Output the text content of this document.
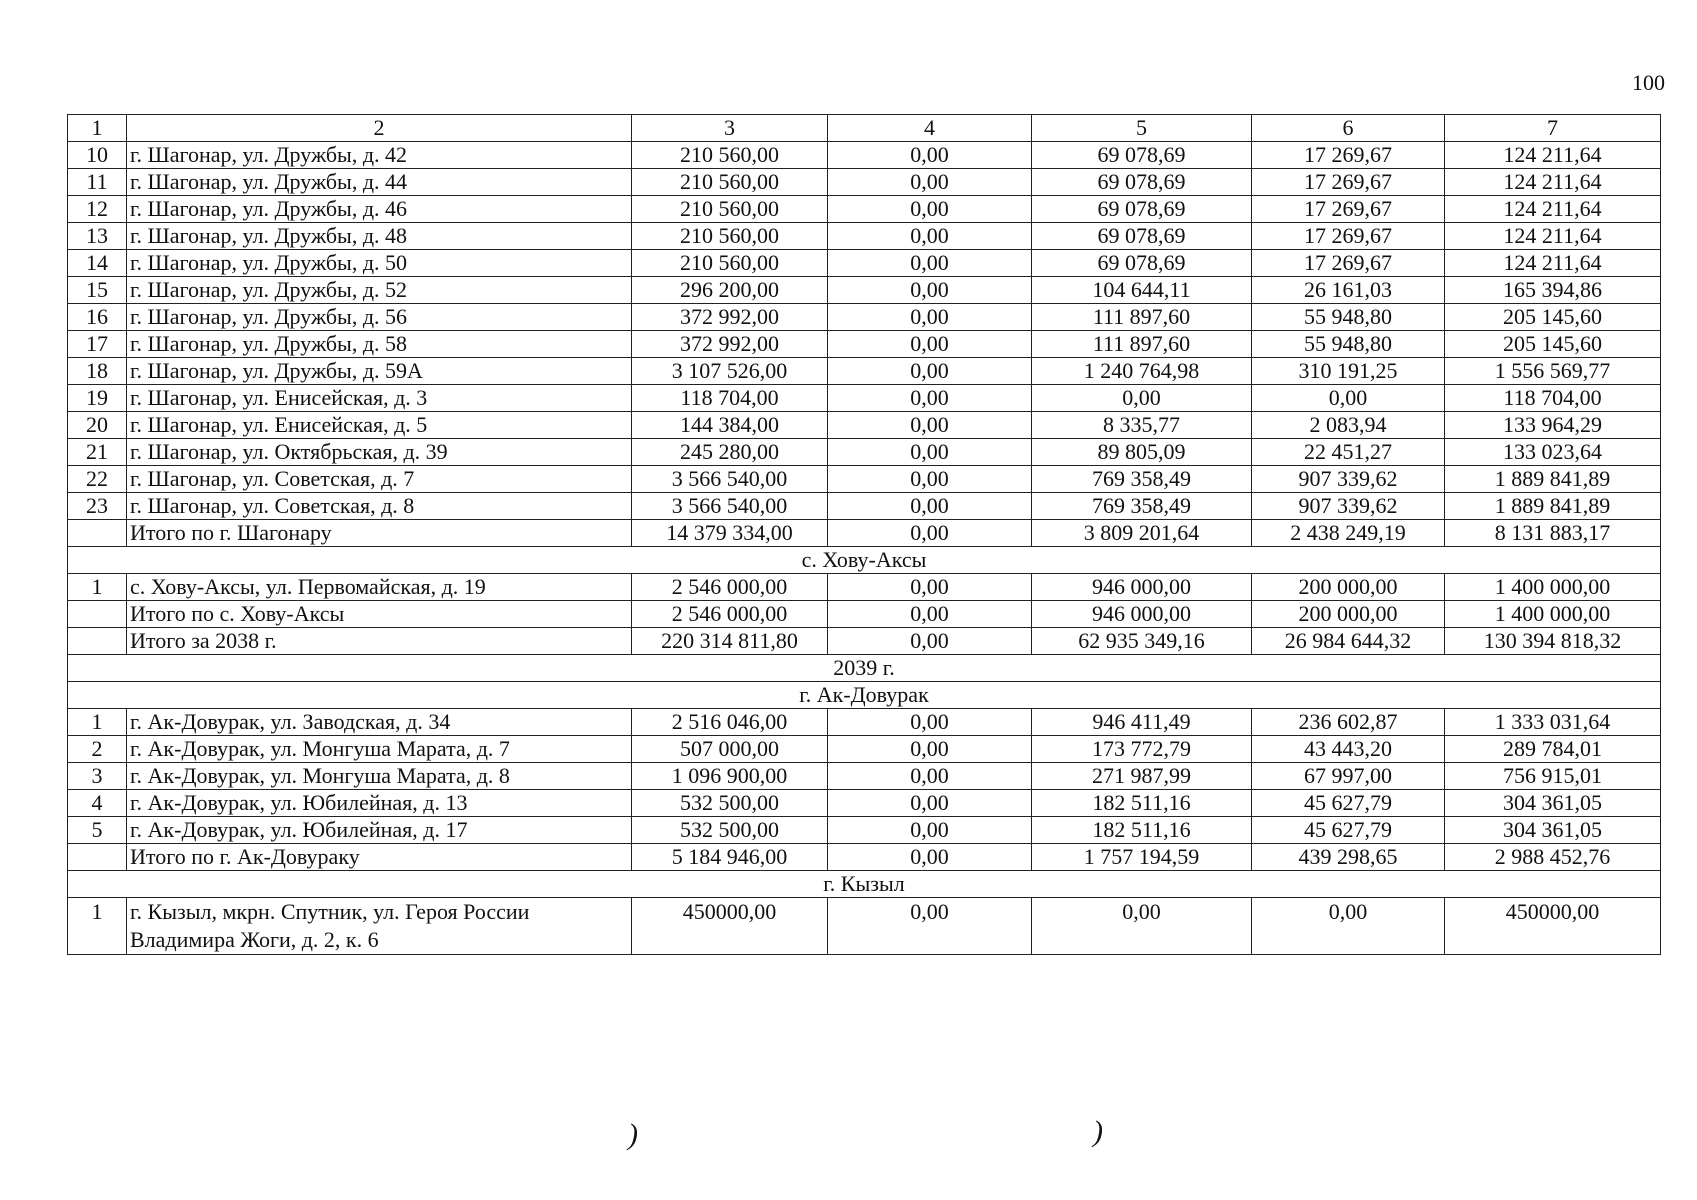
100
1	2	3	4	5	6	7
10	г. Шагонар, ул. Дружбы, д. 42	210 560,00	0,00	69 078,69	17 269,67	124 211,64
11	г. Шагонар, ул. Дружбы, д. 44	210 560,00	0,00	69 078,69	17 269,67	124 211,64
12	г. Шагонар, ул. Дружбы, д. 46	210 560,00	0,00	69 078,69	17 269,67	124 211,64
13	г. Шагонар, ул. Дружбы, д. 48	210 560,00	0,00	69 078,69	17 269,67	124 211,64
14	г. Шагонар, ул. Дружбы, д. 50	210 560,00	0,00	69 078,69	17 269,67	124 211,64
15	г. Шагонар, ул. Дружбы, д. 52	296 200,00	0,00	104 644,11	26 161,03	165 394,86
16	г. Шагонар, ул. Дружбы, д. 56	372 992,00	0,00	111 897,60	55 948,80	205 145,60
17	г. Шагонар, ул. Дружбы, д. 58	372 992,00	0,00	111 897,60	55 948,80	205 145,60
18	г. Шагонар, ул. Дружбы, д. 59А	3 107 526,00	0,00	1 240 764,98	310 191,25	1 556 569,77
19	г. Шагонар, ул. Енисейская, д. 3	118 704,00	0,00	0,00	0,00	118 704,00
20	г. Шагонар, ул. Енисейская, д. 5	144 384,00	0,00	8 335,77	2 083,94	133 964,29
21	г. Шагонар, ул. Октябрьская, д. 39	245 280,00	0,00	89 805,09	22 451,27	133 023,64
22	г. Шагонар, ул. Советская, д. 7	3 566 540,00	0,00	769 358,49	907 339,62	1 889 841,89
23	г. Шагонар, ул. Советская, д. 8	3 566 540,00	0,00	769 358,49	907 339,62	1 889 841,89
	Итого по г. Шагонару	14 379 334,00	0,00	3 809 201,64	2 438 249,19	8 131 883,17
с. Хову-Аксы						
1	с. Хову-Аксы, ул. Первомайская, д. 19	2 546 000,00	0,00	946 000,00	200 000,00	1 400 000,00
	Итого по с. Хову-Аксы	2 546 000,00	0,00	946 000,00	200 000,00	1 400 000,00
	Итого за 2038 г.	220 314 811,80	0,00	62 935 349,16	26 984 644,32	130 394 818,32
2039 г.						
г. Ак-Довурак						
1	г. Ак-Довурак, ул. Заводская, д. 34	2 516 046,00	0,00	946 411,49	236 602,87	1 333 031,64
2	г. Ак-Довурак, ул. Монгуша Марата, д. 7	507 000,00	0,00	173 772,79	43 443,20	289 784,01
3	г. Ак-Довурак, ул. Монгуша Марата, д. 8	1 096 900,00	0,00	271 987,99	67 997,00	756 915,01
4	г. Ак-Довурак, ул. Юбилейная, д. 13	532 500,00	0,00	182 511,16	45 627,79	304 361,05
5	г. Ак-Довурак, ул. Юбилейная, д. 17	532 500,00	0,00	182 511,16	45 627,79	304 361,05
	Итого по г. Ак-Довураку	5 184 946,00	0,00	1 757 194,59	439 298,65	2 988 452,76
г. Кызыл						
1	г. Кызыл, мкрн. Спутник, ул. Героя России Владимира Жоги, д. 2, к. 6	450000,00	0,00	0,00	0,00	450000,00
)	)
